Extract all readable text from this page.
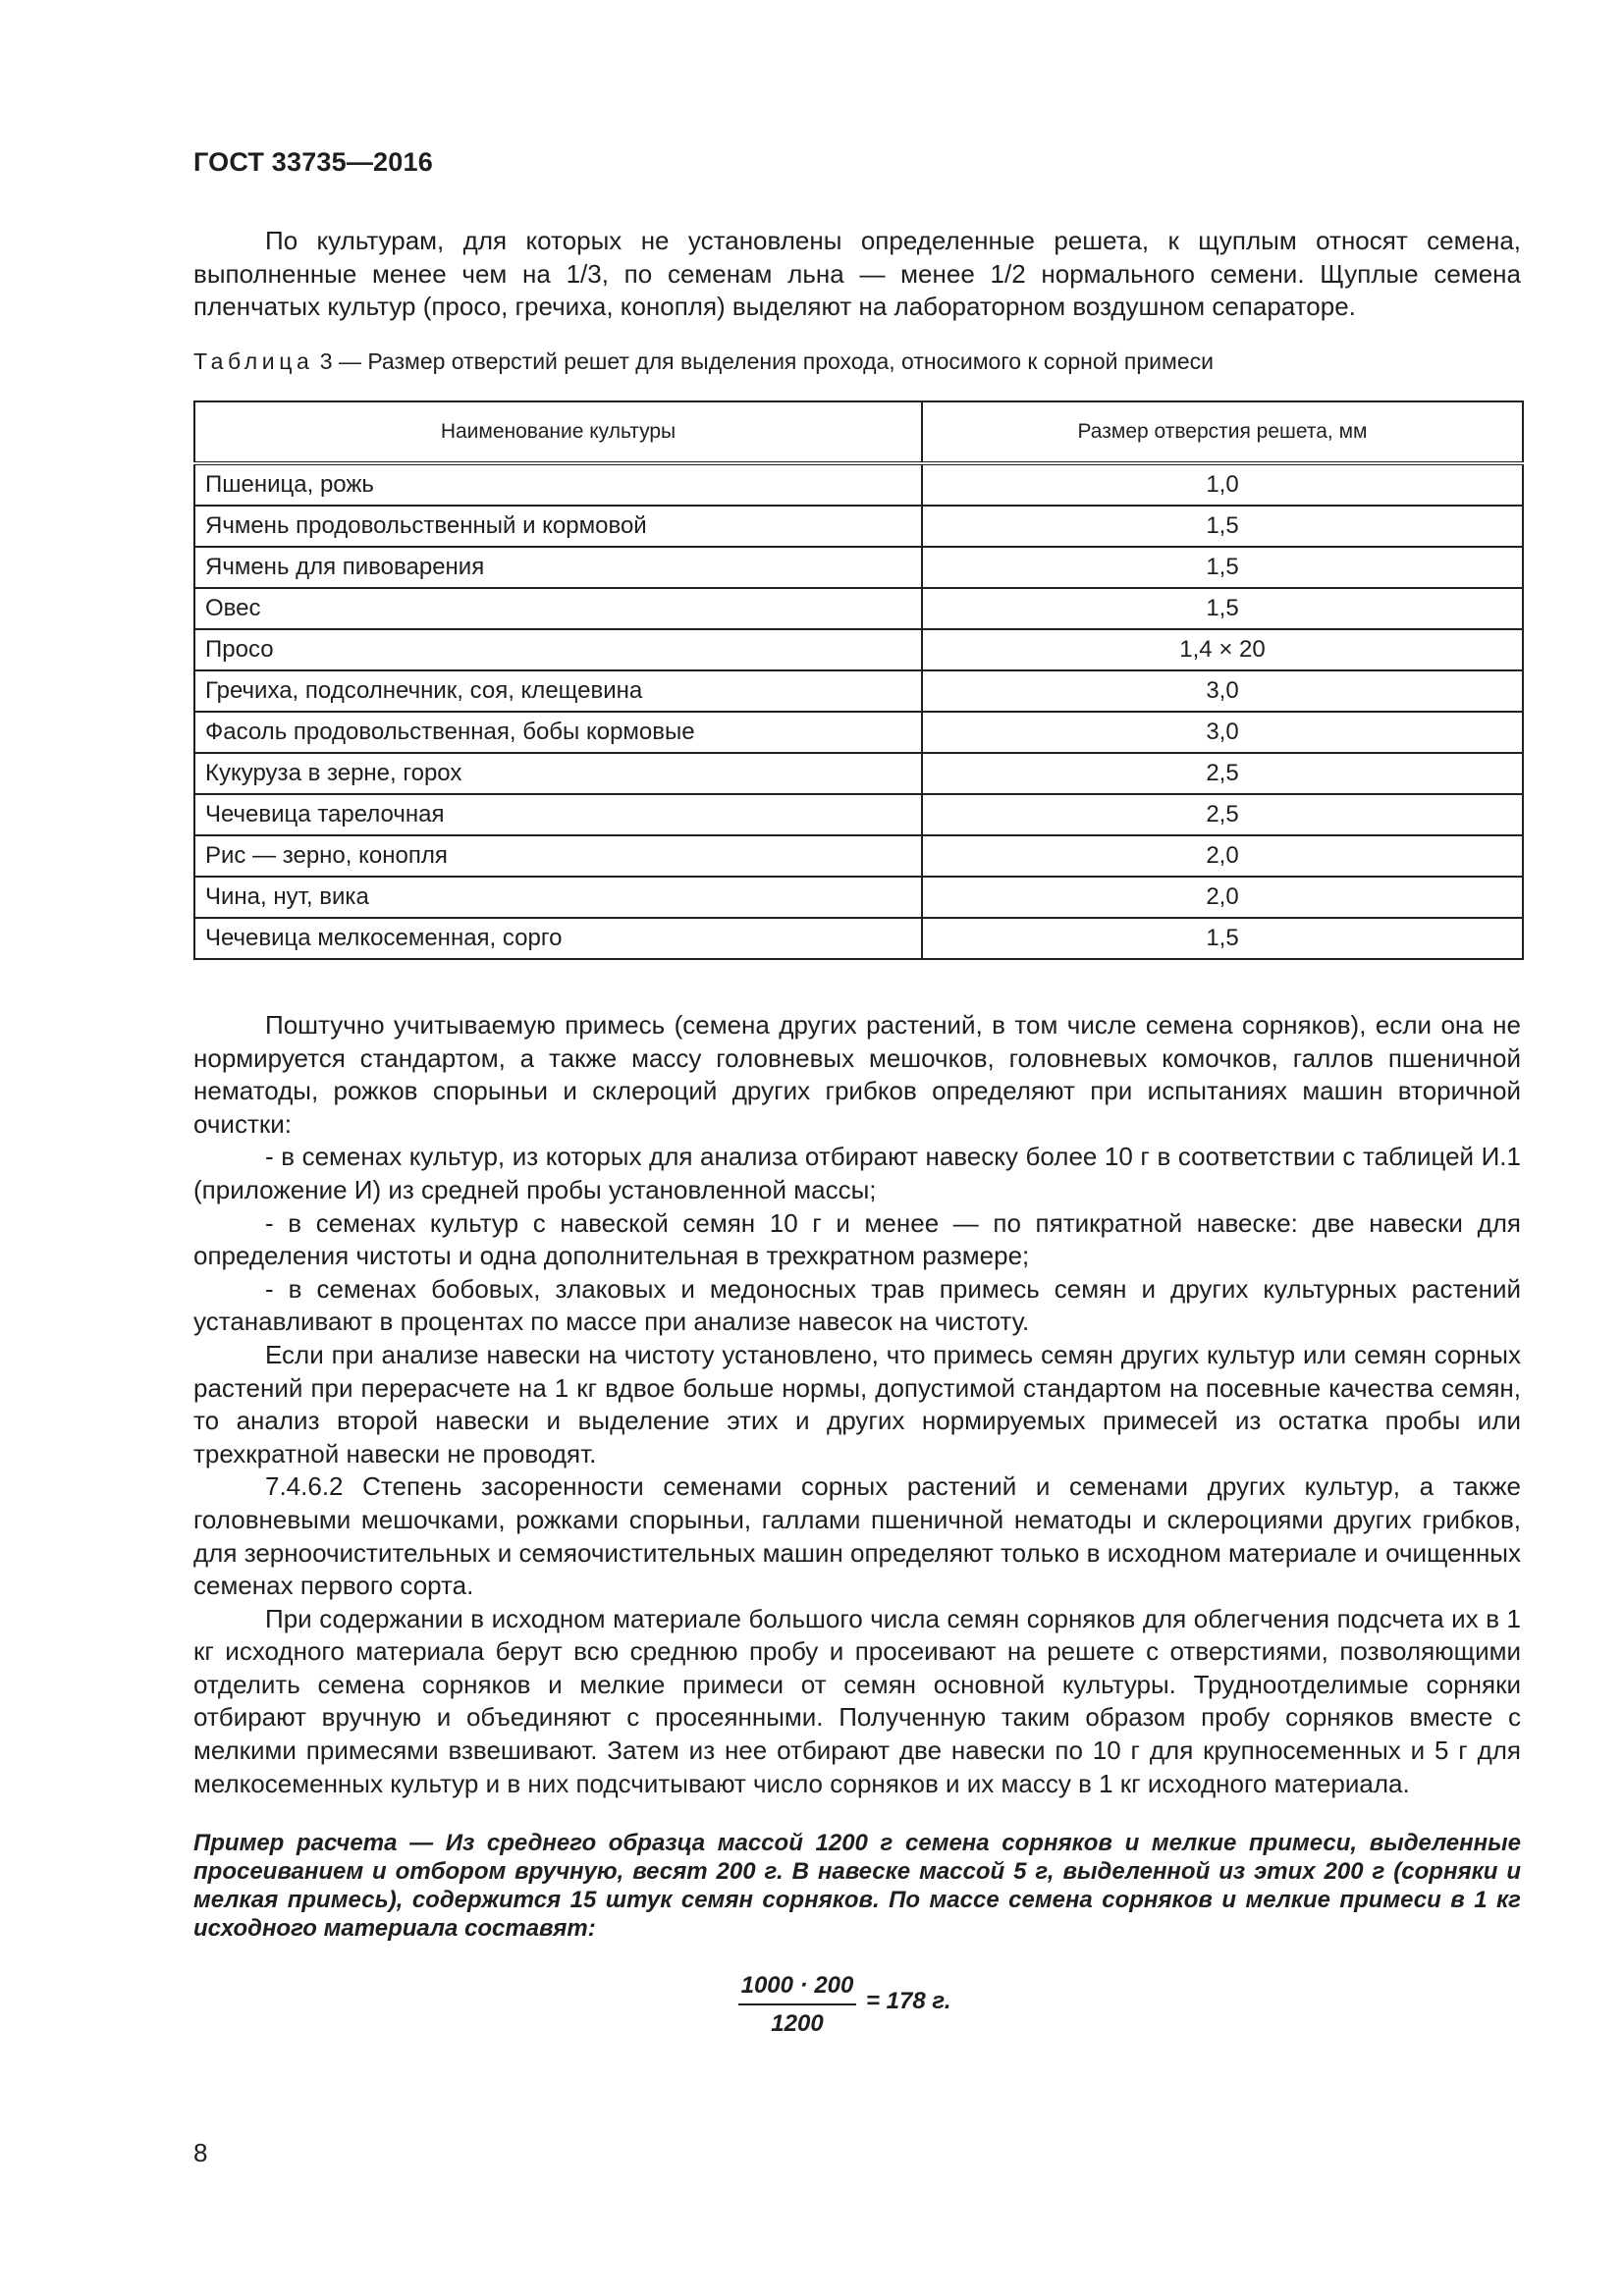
ГОСТ 33735—2016

По культурам, для которых не установлены определенные решета, к щуплым относят семена, выполненные менее чем на 1/3, по семенам льна — менее 1/2 нормального семени. Щуплые семена пленчатых культур (просо, гречиха, конопля) выделяют на лабораторном воздушном сепараторе.

Таблица 3 — Размер отверстий решет для выделения прохода, относимого к сорной примеси
Наименование культуры	Размер отверстия решета, мм
Пшеница, рожь	1,0
Ячмень продовольственный и кормовой	1,5
Ячмень для пивоварения	1,5
Овес	1,5
Просо	1,4 × 20
Гречиха, подсолнечник, соя, клещевина	3,0
Фасоль продовольственная, бобы кормовые	3,0
Кукуруза в зерне, горох	2,5
Чечевица тарелочная	2,5
Рис — зерно, конопля	2,0
Чина, нут, вика	2,0
Чечевица мелкосеменная, сорго	1,5

Поштучно учитываемую примесь (семена других растений, в том числе семена сорняков), если она не нормируется стандартом, а также массу головневых мешочков, головневых комочков, галлов пшеничной нематоды, рожков спорыньи и склероций других грибков определяют при испытаниях машин вторичной очистки:

- в семенах культур, из которых для анализа отбирают навеску более 10 г в соответствии с таблицей И.1 (приложение И) из средней пробы установленной массы;

- в семенах культур с навеской семян 10 г и менее — по пятикратной навеске: две навески для определения чистоты и одна дополнительная в трехкратном размере;

- в семенах бобовых, злаковых и медоносных трав примесь семян и других культурных растений устанавливают в процентах по массе при анализе навесок на чистоту.

Если при анализе навески на чистоту установлено, что примесь семян других культур или семян сорных растений при перерасчете на 1 кг вдвое больше нормы, допустимой стандартом на посевные качества семян, то анализ второй навески и выделение этих и других нормируемых примесей из остатка пробы или трехкратной навески не проводят.

7.4.6.2 Степень засоренности семенами сорных растений и семенами других культур, а также головневыми мешочками, рожками спорыньи, галлами пшеничной нематоды и склероциями других грибков, для зерноочистительных и семяочистительных машин определяют только в исходном материале и очищенных семенах первого сорта.

При содержании в исходном материале большого числа семян сорняков для облегчения подсчета их в 1 кг исходного материала берут всю среднюю пробу и просеивают на решете с отверстиями, позволяющими отделить семена сорняков и мелкие примеси от семян основной культуры. Трудноотделимые сорняки отбирают вручную и объединяют с просеянными. Полученную таким образом пробу сорняков вместе с мелкими примесями взвешивают. Затем из нее отбирают две навески по 10 г для крупносеменных и 5 г для мелкосеменных культур и в них подсчитывают число сорняков и их массу в 1 кг исходного материала.

Пример расчета — Из среднего образца массой 1200 г семена сорняков и мелкие примеси, выделенные просеиванием и отбором вручную, весят 200 г. В навеске массой 5 г, выделенной из этих 200 г (сорняки и мелкая примесь), содержится 15 штук семян сорняков. По массе семена сорняков и мелкие примеси в 1 кг исходного материала составят:

1000 · 200
1200
= 178 г.
8
